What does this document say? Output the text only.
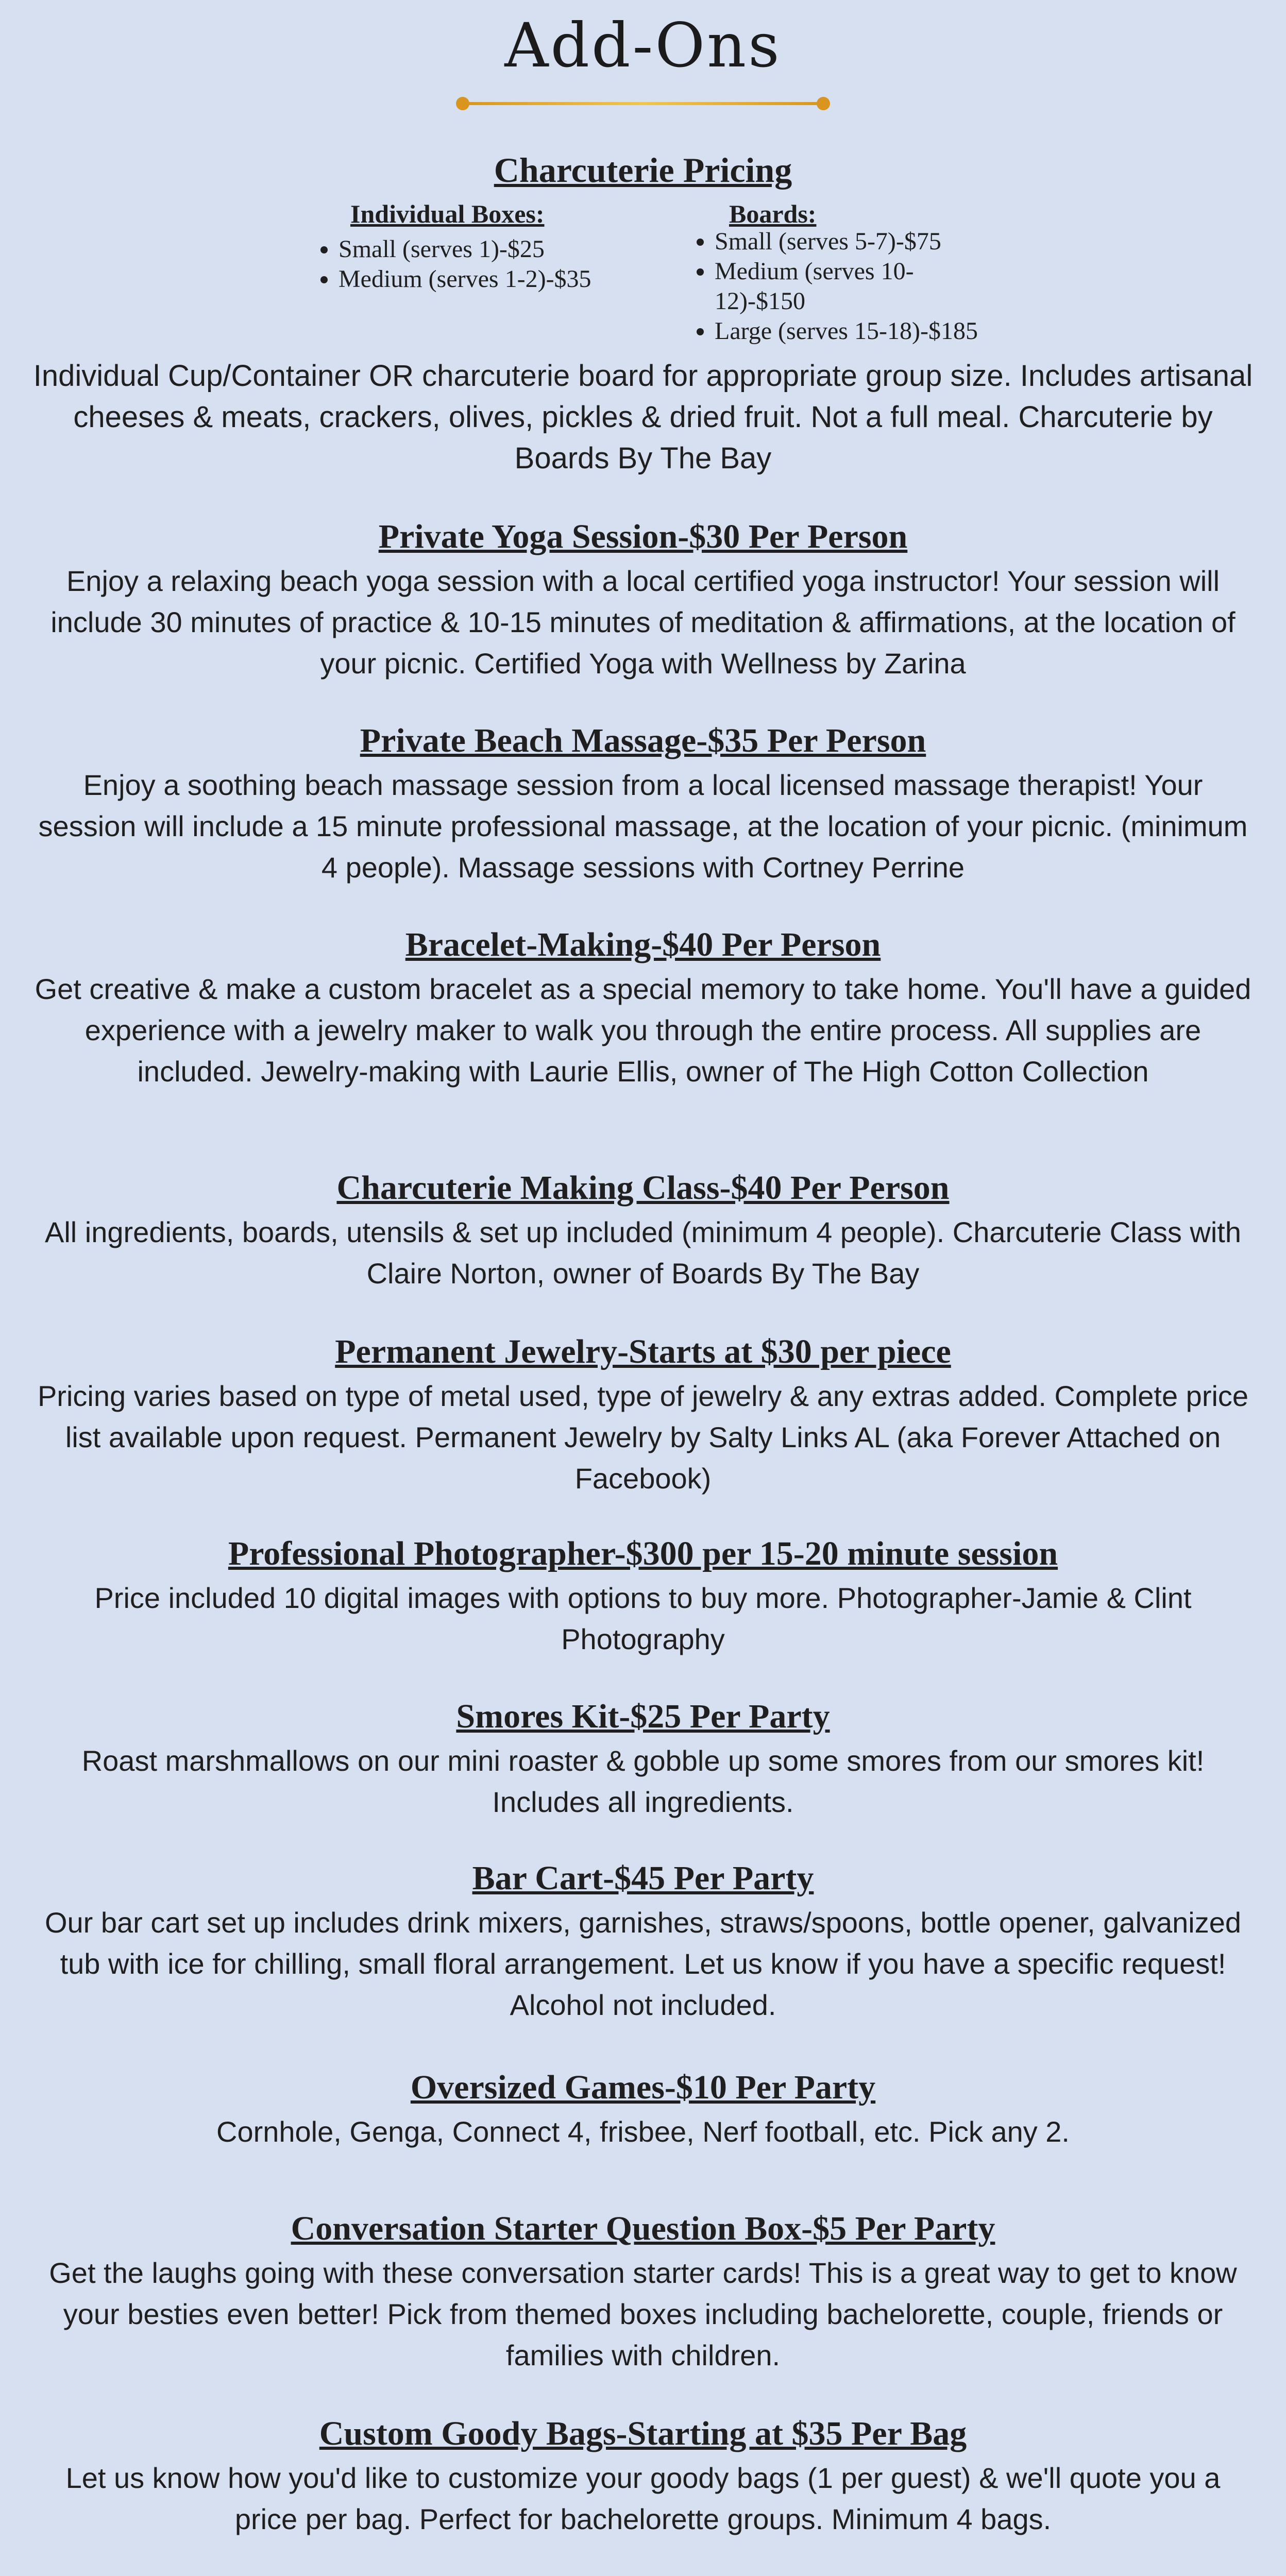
Add-Ons
Charcuterie Pricing
Individual Boxes:
• Small (serves 1)-$25
• Medium (serves 1-2)-$35
Boards:
• Small (serves 5-7)-$75
• Medium (serves 10-12)-$150
• Large (serves 15-18)-$185
Individual Cup/Container OR charcuterie board for appropriate group size. Includes artisanal cheeses & meats, crackers, olives, pickles & dried fruit. Not a full meal. Charcuterie by Boards By The Bay
Private Yoga Session-$30 Per Person

Enjoy a relaxing beach yoga session with a local certified yoga instructor! Your session will include 30 minutes of practice & 10-15 minutes of meditation & affirmations, at the location of your picnic. Certified Yoga with Wellness by Zarina

Private Beach Massage-$35 Per Person

Enjoy a soothing beach massage session from a local licensed massage therapist! Your session will include a 15 minute professional massage, at the location of your picnic. (minimum 4 people). Massage sessions with Cortney Perrine

Bracelet-Making-$40 Per Person

Get creative & make a custom bracelet as a special memory to take home. You'll have a guided experience with a jewelry maker to walk you through the entire process. All supplies are included. Jewelry-making with Laurie Ellis, owner of The High Cotton Collection

Charcuterie Making Class-$40 Per Person

All ingredients, boards, utensils & set up included (minimum 4 people). Charcuterie Class with Claire Norton, owner of Boards By The Bay

Permanent Jewelry-Starts at $30 per piece

Pricing varies based on type of metal used, type of jewelry & any extras added. Complete price list available upon request. Permanent Jewelry by Salty Links AL (aka Forever Attached on Facebook)

Professional Photographer-$300 per 15-20 minute session

Price included 10 digital images with options to buy more. Photographer-Jamie & Clint Photography

Smores Kit-$25 Per Party

Roast marshmallows on our mini roaster & gobble up some smores from our smores kit! Includes all ingredients.

Bar Cart-$45 Per Party

Our bar cart set up includes drink mixers, garnishes, straws/spoons, bottle opener, galvanized tub with ice for chilling, small floral arrangement. Let us know if you have a specific request! Alcohol not included.

Oversized Games-$10 Per Party

Cornhole, Genga, Connect 4, frisbee, Nerf football, etc. Pick any 2.

Conversation Starter Question Box-$5 Per Party

Get the laughs going with these conversation starter cards! This is a great way to get to know your besties even better! Pick from themed boxes including bachelorette, couple, friends or families with children.

Custom Goody Bags-Starting at $35 Per Bag

Let us know how you'd like to customize your goody bags (1 per guest) & we'll quote you a price per bag. Perfect for bachelorette groups. Minimum 4 bags.
